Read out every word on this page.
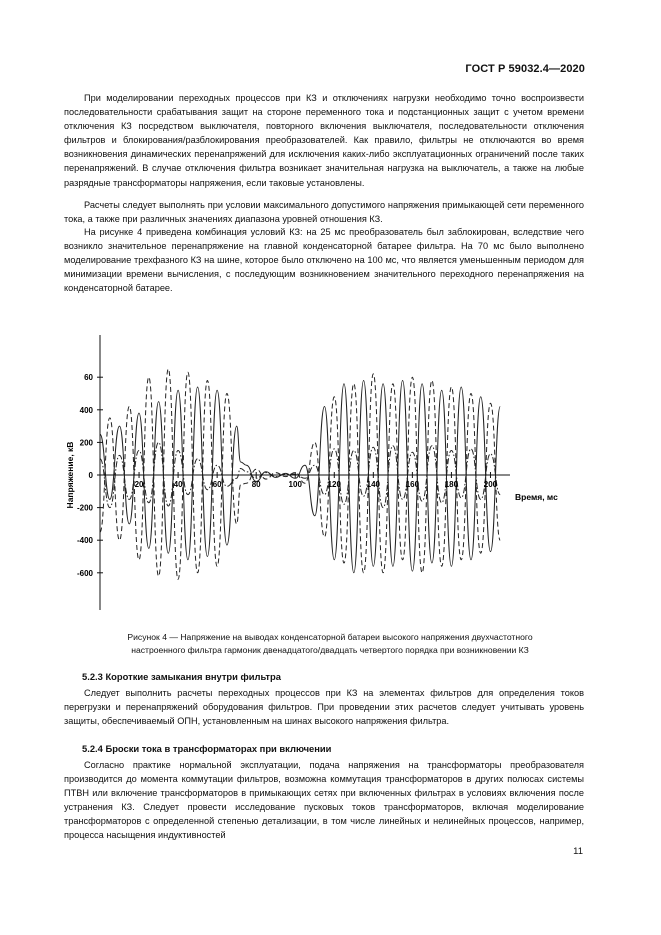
ГОСТ Р 59032.4—2020

При моделировании переходных процессов при КЗ и отключениях нагрузки необходимо точно воспроизвести последовательности срабатывания защит на стороне переменного тока и подстанционных защит с учетом времени отключения КЗ посредством выключателя, повторного включения выключателя, последовательности отключения фильтров и блокирования/разблокирования преобразователей. Как правило, фильтры не отключаются во время возникновения динамических перенапряжений для исключения каких-либо эксплуатационных ограничений после таких перенапряжений. В случае отключения фильтра возникает значительная нагрузка на выключатель, а также на любые разрядные трансформаторы напряжения, если таковые установлены.

Расчеты следует выполнять при условии максимального допустимого напряжения примыкающей сети переменного тока, а также при различных значениях диапазона уровней отношения КЗ.

На рисунке 4 приведена комбинация условий КЗ: на 25 мс преобразователь был заблокирован, вследствие чего возникло значительное перенапряжение на главной конденсаторной батарее фильтра. На 70 мс было выполнено моделирование трехфазного КЗ на шине, которое было отключено на 100 мс, что является уменьшенным периодом для минимизации времени вычисления, с последующим возникновением значительного переходного перенапряжения на конденсаторной батарее.

20	40	60	80	100	120	140	160	180	200
-600
-400
-200
0
200
400
60
Время, мс
Напряжение, кВ
Рисунок 4 — Напряжение на выводах конденсаторной батареи высокого напряжения двухчастотного
настроенного фильтра гармоник двенадцатого/двадцать четвертого порядка при возникновении КЗ
5.2.3 Короткие замыкания внутри фильтра

Следует выполнить расчеты переходных процессов при КЗ на элементах фильтров для определения токов перегрузки и перенапряжений оборудования фильтров. При проведении этих расчетов следует учитывать уровень защиты, обеспечиваемый ОПН, установленным на шинах высокого напряжения фильтра.

5.2.4 Броски тока в трансформаторах при включении

Согласно практике нормальной эксплуатации, подача напряжения на трансформаторы преобразователя производится до момента коммутации фильтров, возможна коммутация трансформаторов в других полюсах системы ПТВН или включение трансформаторов в примыкающих сетях при включенных фильтрах в условиях включения после устранения КЗ. Следует провести исследование пусковых токов трансформаторов, включая моделирование трансформаторов с определенной степенью детализации, в том числе линейных и нелинейных процессов, например, процесса насыщения индуктивностей

11
